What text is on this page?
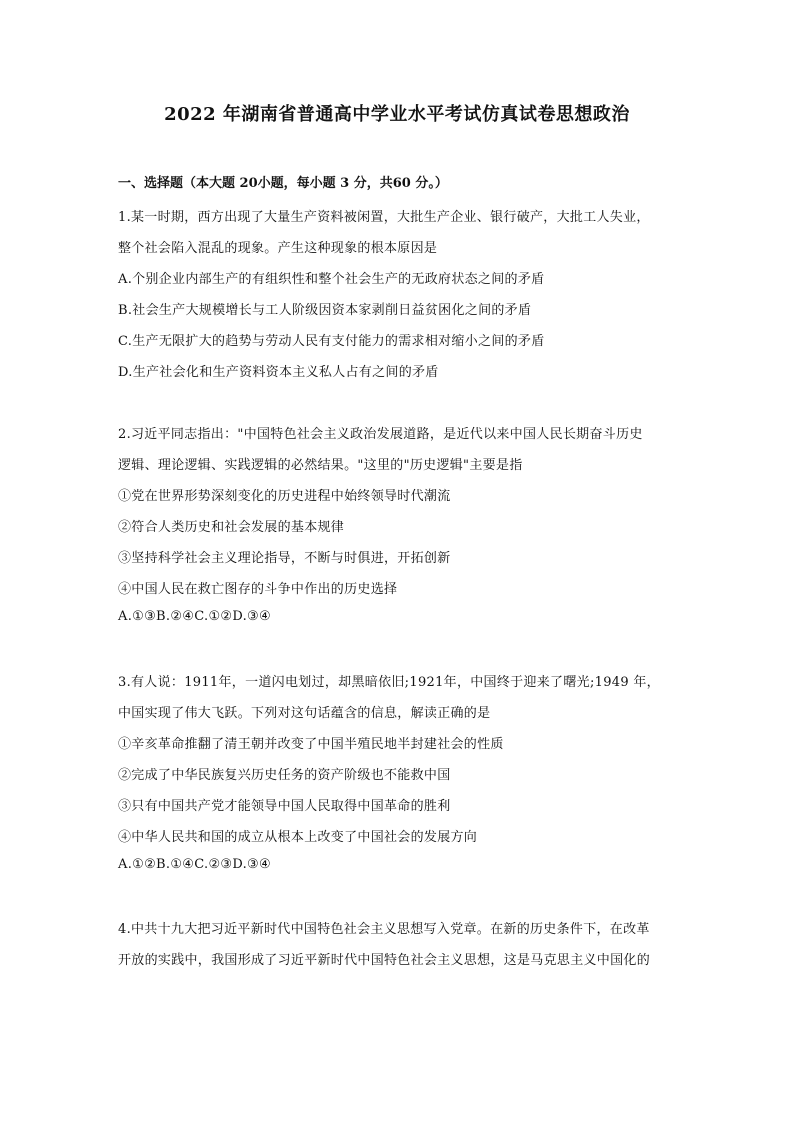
2022 年湖南省普通高中学业水平考试仿真试卷思想政治
一、选择题（本大题 20小题，每小题 3 分，共60 分。）
1.某一时期，西方出现了大量生产资料被闲置，大批生产企业、银行破产，大批工人失业，
整个社会陷入混乱的现象。产生这种现象的根本原因是
A.个别企业内部生产的有组织性和整个社会生产的无政府状态之间的矛盾
B.社会生产大规模增长与工人阶级因资本家剥削日益贫困化之间的矛盾
C.生产无限扩大的趋势与劳动人民有支付能力的需求相对缩小之间的矛盾
D.生产社会化和生产资料资本主义私人占有之间的矛盾
2.习近平同志指出："中国特色社会主义政治发展道路，是近代以来中国人民长期奋斗历史
逻辑、理论逻辑、实践逻辑的必然结果。"这里的"历史逻辑"主要是指
①党在世界形势深刻变化的历史进程中始终领导时代潮流
②符合人类历史和社会发展的基本规律
③坚持科学社会主义理论指导，不断与时俱进，开拓创新
④中国人民在救亡图存的斗争中作出的历史选择
A.①③B.②④C.①②D.③④
3.有人说：1911年，一道闪电划过，却黑暗依旧;1921年，中国终于迎来了曙光;1949 年，
中国实现了伟大飞跃。下列对这句话蕴含的信息，解读正确的是
①辛亥革命推翻了清王朝并改变了中国半殖民地半封建社会的性质
②完成了中华民族复兴历史任务的资产阶级也不能救中国
③只有中国共产党才能领导中国人民取得中国革命的胜利
④中华人民共和国的成立从根本上改变了中国社会的发展方向
A.①②B.①④C.②③D.③④
4.中共十九大把习近平新时代中国特色社会主义思想写入党章。在新的历史条件下，在改革
开放的实践中，我国形成了习近平新时代中国特色社会主义思想，这是马克思主义中国化的
